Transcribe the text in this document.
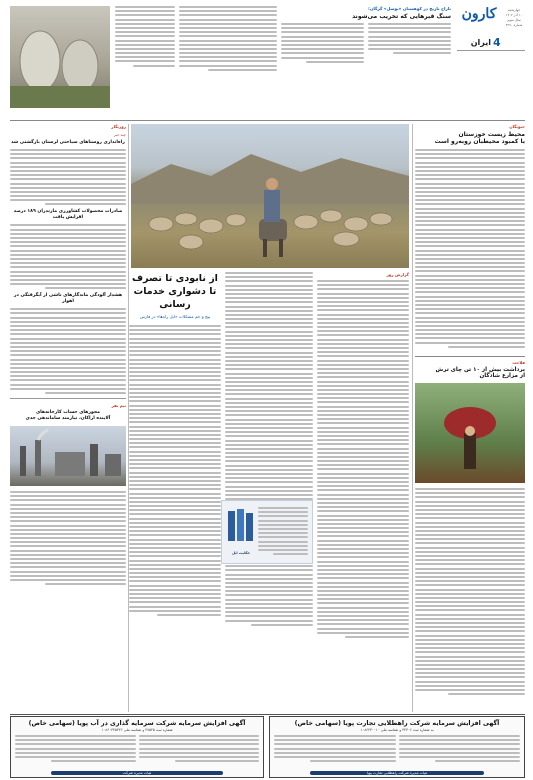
چهارشنبه
۱۰ آذر ۱۴۰۲
سال سوم
شماره ۳۶۹۰
کارون
ایران 4
تاراج تاریخ در کوهستان «نوسل» گرگان؛
سنگ قبرهایی که تخریب می‌شوند
جنوبگان
محیط زیست خوزستان
با کمبود محیطبان روبه‌رو است
فلاحت
برداشت بیش از ۱۰ تن چای ترش
از مزارع شادگان
گزارش روز
از نابودی تا تصرف
تا دشواری خدمات رسانی
پیچ و خم مشکلات «ایل راه‌ها» در فارس
حکایت ایل
روزنگار
چند خبر
راه‌اندازی روستاهای سیاحتی لرستان بازگشتی شد
صادرات محصولات کشاورزی مازندران ۱۸۹ درصد افزایش یافت
هشدار آلودگی ماندگارهای ناشی از آبگرفتگی در اهواز
نیم نفر
مجوزهای حساب کارخانه‌های
آلاینده اراکان، نیازمند ساماندهی جدی
آگهی افزایش سرمایه شرکت سرمایه گذاری در آب پویا (سهامی خاص)
شماره ثبت ۲۷۵۲۵ و شناسه ملی ۱۰۸۶۰۳۴۵۳۲۶
هیات مدیره شرکت
آگهی افزایش سرمایه شرکت راهطلایی تجارت پویا (سهامی خاص)
به شماره ثبت ۴۴۳۰۶ و شناسه ملی ۱۰۸۶۲۳۰۰۱۰
هیات مدیره شرکت راهطلایی تجارت پویا
